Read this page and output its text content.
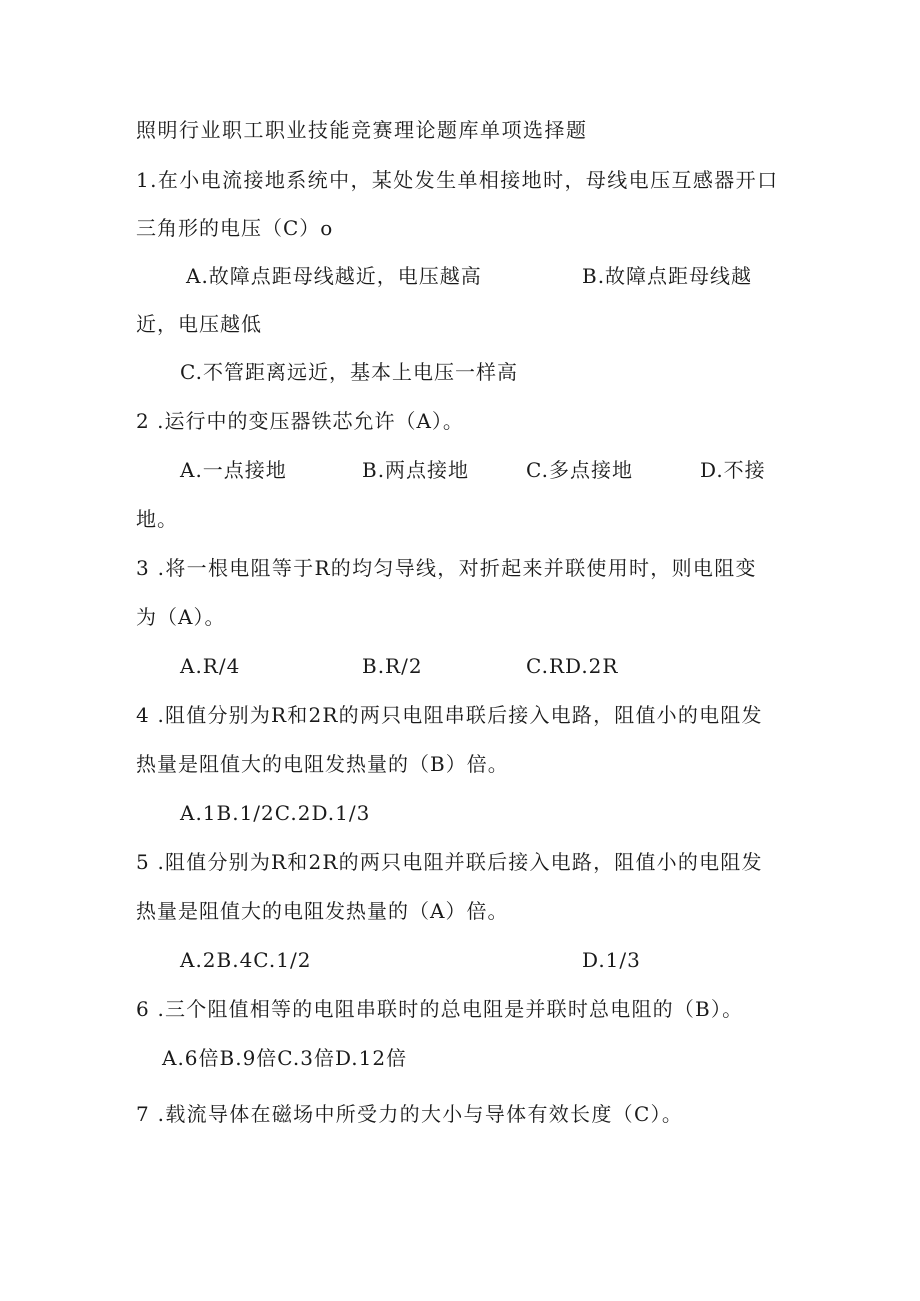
照明行业职工职业技能竞赛理论题库单项选择题
1.在小电流接地系统中，某处发生单相接地时，母线电压互感器开口
三角形的电压（C）o
A.故障点距母线越近，电压越高	B.故障点距母线越
近，电压越低
C.不管距离远近，基本上电压一样高
2 .运行中的变压器铁芯允许（A）。
A.一点接地	B.两点接地	C.多点接地	D.不接
地。
3 .将一根电阻等于R的均匀导线，对折起来并联使用时，则电阻变
为（A）。
A.R/4	B.R/2	C.RD.2R
4 .阻值分别为R和2R的两只电阻串联后接入电路，阻值小的电阻发
热量是阻值大的电阻发热量的（B）倍。
A.1B.1/2C.2D.1/3
5 .阻值分别为R和2R的两只电阻并联后接入电路，阻值小的电阻发
热量是阻值大的电阻发热量的（A）倍。
A.2B.4C.1/2	D.1/3
6 .三个阻值相等的电阻串联时的总电阻是并联时总电阻的（B）。
A.6倍B.9倍C.3倍D.12倍
7 .载流导体在磁场中所受力的大小与导体有效长度（C）。
